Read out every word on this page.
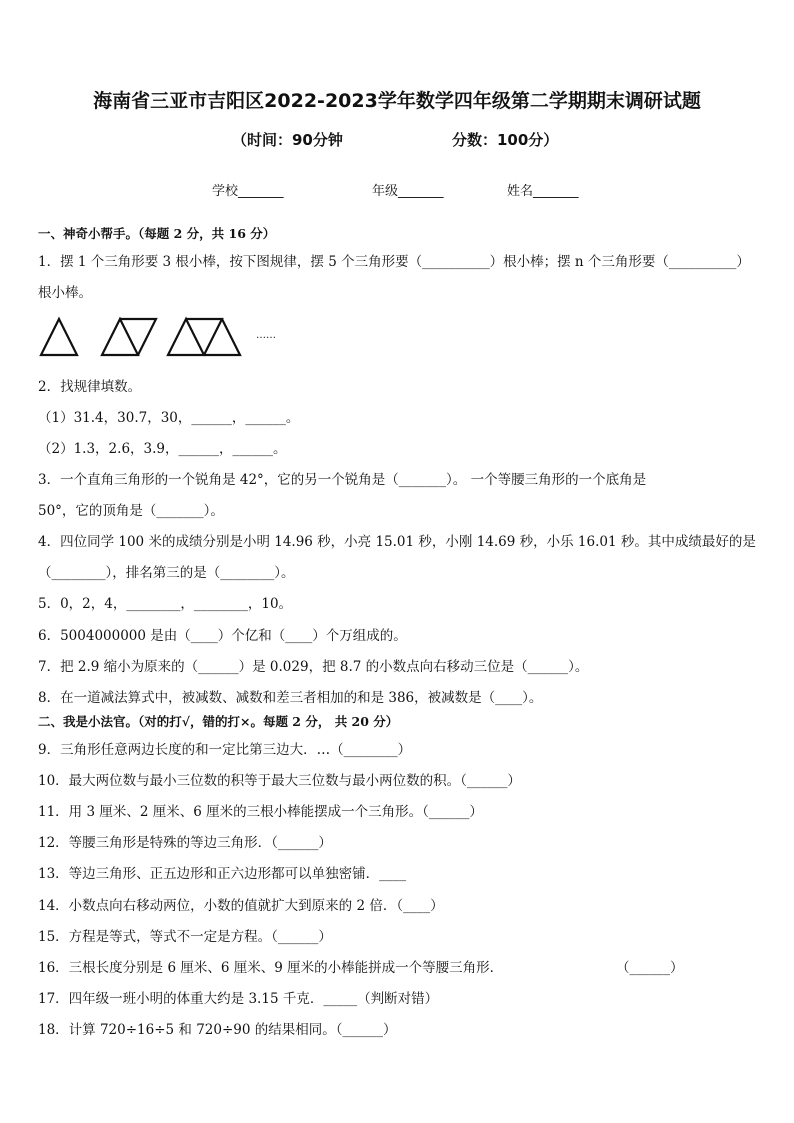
海南省三亚市吉阳区2022-2023学年数学四年级第二学期期末调研试题
（时间：90分钟	分数：100分）
学校_______	年级_______	姓名_______
一、神奇小帮手。（每题 2 分，共 16 分）
1．摆 1 个三角形要 3 根小棒，按下图规律，摆 5 个三角形要（__________）根小棒；摆 n 个三角形要（__________）
根小棒。
……
2．找规律填数。
（1）31.4，30.7，30，______，______。
（2）1.3，2.6，3.9，______，______。
3．一个直角三角形的一个锐角是 42°，它的另一个锐角是（_______）。 一个等腰三角形的一个底角是
50°，它的顶角是（_______）。
4．四位同学 100 米的成绩分别是小明 14.96 秒，小亮 15.01 秒，小刚 14.69 秒，小乐 16.01 秒。其中成绩最好的是
（________），排名第三的是（________）。
5．0，2，4，________，________，10。
6．5004000000 是由（____）个亿和（____）个万组成的。
7．把 2.9 缩小为原来的（______）是 0.029，把 8.7 的小数点向右移动三位是（______）。
8．在一道减法算式中，被减数、减数和差三者相加的和是 386，被减数是（____）。
二、我是小法官。（对的打√，错的打×。每题 2 分， 共 20 分）
9．三角形任意两边长度的和一定比第三边大．…（________）
10．最大两位数与最小三位数的积等于最大三位数与最小两位数的积。（______）
11．用 3 厘米、2 厘米、6 厘米的三根小棒能摆成一个三角形。（______）
12．等腰三角形是特殊的等边三角形．（______）
13．等边三角形、正五边形和正六边形都可以单独密铺．____
14．小数点向右移动两位，小数的值就扩大到原来的 2 倍．（____）
15．方程是等式，等式不一定是方程。（______）
16．三根长度分别是 6 厘米、6 厘米、9 厘米的小棒能拼成一个等腰三角形．	（______）
17．四年级一班小明的体重大约是 3.15 千克．_____（判断对错）
18．计算 720÷16÷5 和 720÷90 的结果相同。（______）
